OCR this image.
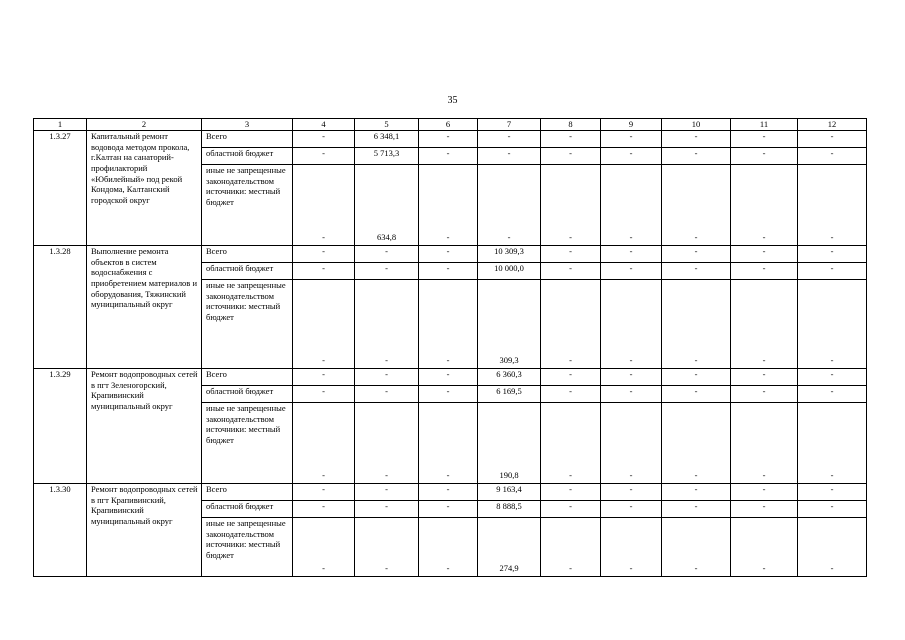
35
1	2	3	4	5	6	7	8	9	10	11	12
1.3.27	Капитальный ремонт водовода методом прокола, г.Калтан на санаторий-профилакторий «Юбилейный» под рекой Кондома, Калтанский городской округ	Всего	-	6 348,1	-	-	-	-	-	-	-
		областной бюджет	-	5 713,3	-	-	-	-	-	-	-
		иные не запрещенные законодательством источники: местный бюджет	-	634,8	-	-	-	-	-	-	-
1.3.28	Выполнение ремонта объектов в систем водоснабжения с приобретением материалов и оборудования, Тяжинский муниципальный округ	Всего	-	-	-	10 309,3	-	-	-	-	-
		областной бюджет	-	-	-	10 000,0	-	-	-	-	-
		иные не запрещенные законодательством источники: местный бюджет	-	-	-	309,3	-	-	-	-	-
1.3.29	Ремонт водопроводных сетей в пгт Зеленогорский, Крапивинский муниципальный округ	Всего	-	-	-	6 360,3	-	-	-	-	-
		областной бюджет	-	-	-	6 169,5	-	-	-	-	-
		иные не запрещенные законодательством источники: местный бюджет	-	-	-	190,8	-	-	-	-	-
1.3.30	Ремонт водопроводных сетей в пгт Крапивинский, Крапивинский муниципальный округ	Всего	-	-	-	9 163,4	-	-	-	-	-
		областной бюджет	-	-	-	8 888,5	-	-	-	-	-
		иные не запрещенные законодательством источники: местный бюджет	-	-	-	274,9	-	-	-	-	-
